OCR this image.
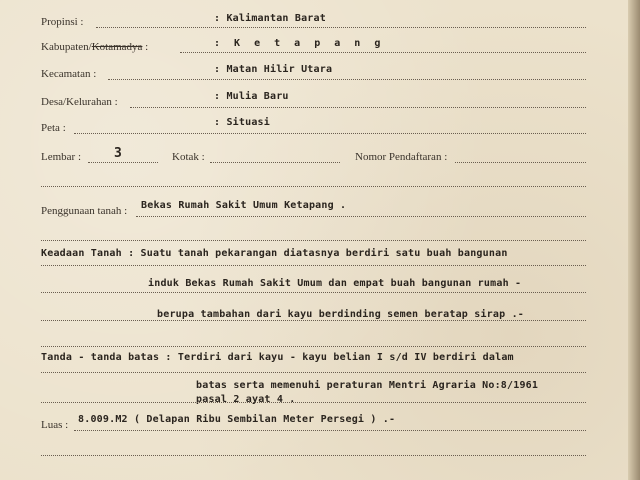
Propinsi :	: Kalimantan Barat
Kabupaten/Kotamadya :	: K e t a p a n g
Kecamatan :	: Matan Hilir Utara
Desa/Kelurahan :	: Mulia Baru
Peta :	: Situasi
Lembar :	3	Kotak :	Nomor Pendaftaran :
Penggunaan tanah : Bekas Rumah Sakit Umum Ketapang .
Keadaan Tanah : Suatu tanah pekarangan diatasnya berdiri satu buah bangunan
induk Bekas Rumah Sakit Umum dan empat buah bangunan rumah -
berupa tambahan dari kayu berdinding semen beratap sirap .-
Tanda - tanda batas : Terdiri dari kayu - kayu belian I s/d IV berdiri dalam
batas serta memenuhi peraturan Mentri Agraria No:8/1961
pasal 2 ayat 4 .
Luas : 8.009.M2 ( Delapan Ribu Sembilan Meter Persegi ) .-
